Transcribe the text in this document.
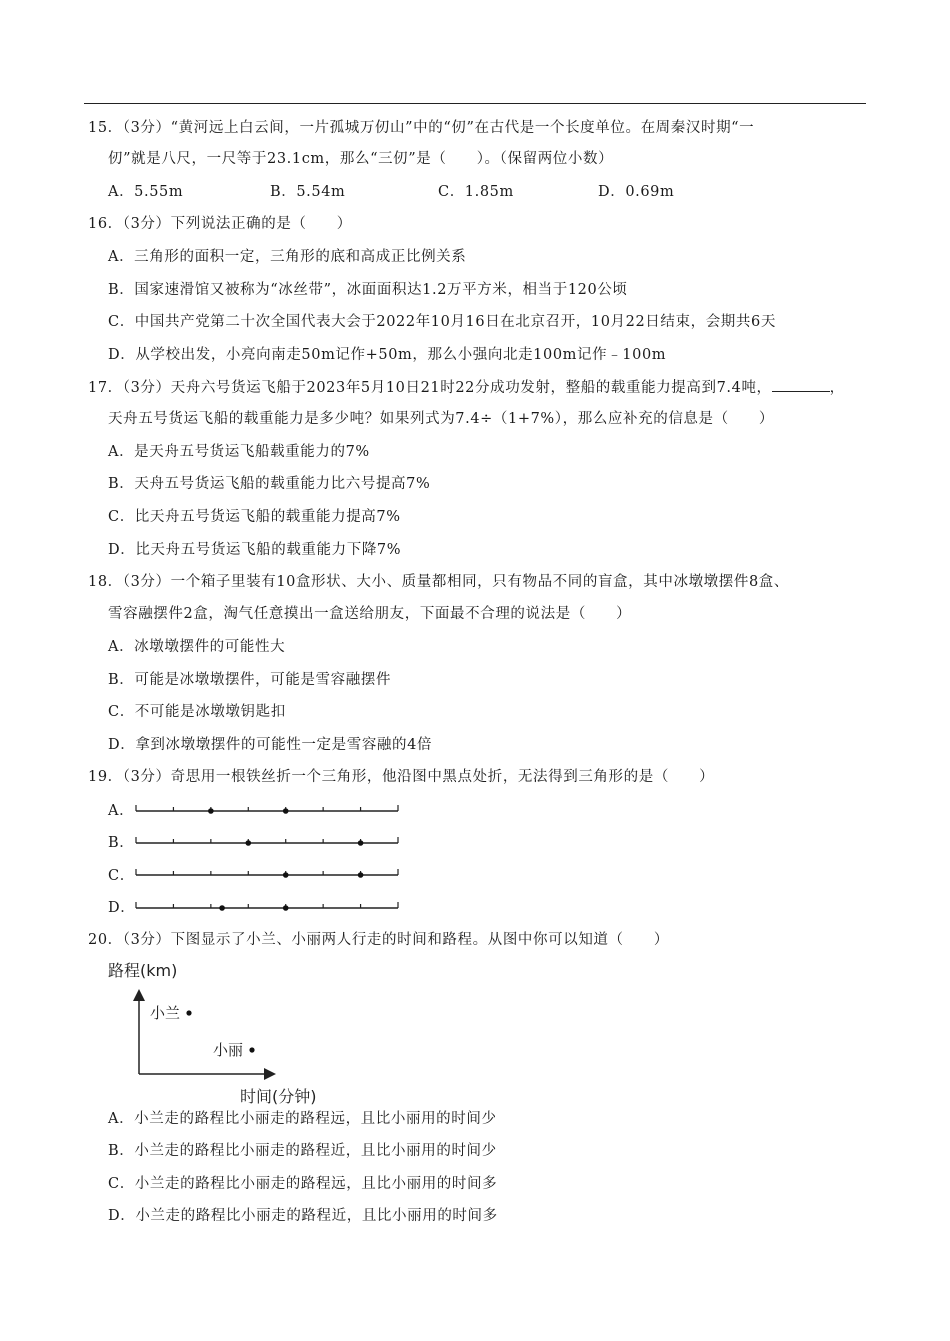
15．（3分）“黄河远上白云间，一片孤城万仞山”中的“仞”在古代是一个长度单位。在周秦汉时期“一
仞”就是八尺，一尺等于23.1cm，那么“三仞”是（　　）。（保留两位小数）
A．5.55m	B．5.54m	C．1.85m	D．0.69m
16．（3分）下列说法正确的是（　　）
A．三角形的面积一定，三角形的底和高成正比例关系
B．国家速滑馆又被称为“冰丝带”，冰面面积达1.2万平方米，相当于120公顷
C．中国共产党第二十次全国代表大会于2022年10月16日在北京召开，10月22日结束，会期共6天
D．从学校出发，小亮向南走50m记作+50m，那么小强向北走100m记作﹣100m
17．（3分）天舟六号货运飞船于2023年5月10日21时22分成功发射，整船的载重能力提高到7.4吨，	，
天舟五号货运飞船的载重能力是多少吨？如果列式为7.4÷（1+7%），那么应补充的信息是（　　）
A．是天舟五号货运飞船载重能力的7%
B．天舟五号货运飞船的载重能力比六号提高7%
C．比天舟五号货运飞船的载重能力提高7%
D．比天舟五号货运飞船的载重能力下降7%
18．（3分）一个箱子里装有10盒形状、大小、质量都相同，只有物品不同的盲盒，其中冰墩墩摆件8盒、
雪容融摆件2盒，淘气任意摸出一盒送给朋友，下面最不合理的说法是（　　）
A．冰墩墩摆件的可能性大
B．可能是冰墩墩摆件，可能是雪容融摆件
C．不可能是冰墩墩钥匙扣
D．拿到冰墩墩摆件的可能性一定是雪容融的4倍
19．（3分）奇思用一根铁丝折一个三角形，他沿图中黑点处折，无法得到三角形的是（　　）
A．
B．
C．
D．
20．（3分）下图显示了小兰、小丽两人行走的时间和路程。从图中你可以知道（　　）
路程(km)
时间(分钟)
小兰
小丽
A．小兰走的路程比小丽走的路程远，且比小丽用的时间少
B．小兰走的路程比小丽走的路程近，且比小丽用的时间少
C．小兰走的路程比小丽走的路程远，且比小丽用的时间多
D．小兰走的路程比小丽走的路程近，且比小丽用的时间多
